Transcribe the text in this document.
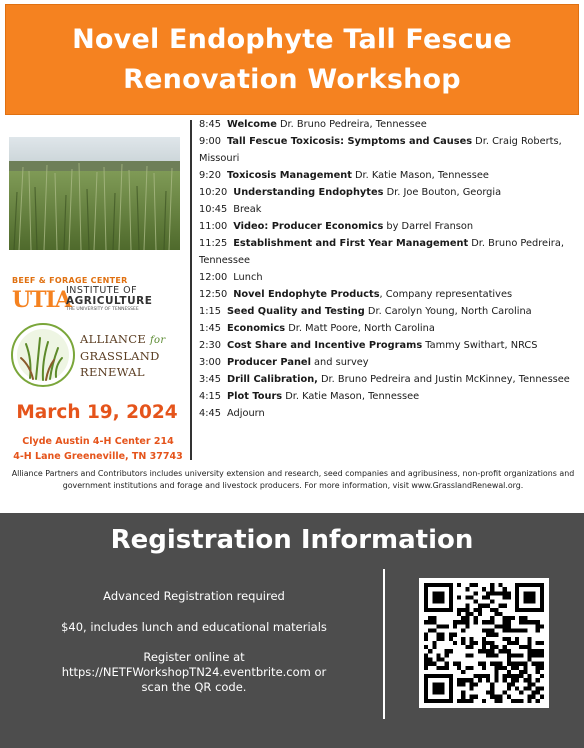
Novel Endophyte Tall Fescue
Renovation Workshop
BEEF & FORAGE CENTER
UTIA
INSTITUTE OF
AGRICULTURE
THE UNIVERSITY OF TENNESSEE
ALLIANCE for
GRASSLAND
RENEWAL
March 19, 2024
Clyde Austin 4-H Center 214
4-H Lane Greeneville, TN 37743
8:45 Welcome Dr. Bruno Pedreira, Tennessee
9:00 Tall Fescue Toxicosis: Symptoms and Causes Dr. Craig Roberts, Missouri
9:20 Toxicosis Management Dr. Katie Mason, Tennessee
10:20 Understanding Endophytes Dr. Joe Bouton, Georgia
10:45 Break
11:00 Video: Producer Economics by Darrel Franson
11:25 Establishment and First Year Management Dr. Bruno Pedreira, Tennessee
12:00 Lunch
12:50 Novel Endophyte Products, Company representatives
1:15 Seed Quality and Testing Dr. Carolyn Young, North Carolina
1:45 Economics Dr. Matt Poore, North Carolina
2:30 Cost Share and Incentive Programs Tammy Swithart, NRCS
3:00 Producer Panel and survey
3:45 Drill Calibration, Dr. Bruno Pedreira and Justin McKinney, Tennessee
4:15 Plot Tours Dr. Katie Mason, Tennessee
4:45 Adjourn
Alliance Partners and Contributors includes university extension and research, seed companies and agribusiness, non-profit organizations and government institutions and forage and livestock producers. For more information, visit www.GrasslandRenewal.org.
Registration Information
Advanced Registration required
$40, includes lunch and educational materials
Register online at
https://NETFWorkshopTN24.eventbrite.com or
scan the QR code.
